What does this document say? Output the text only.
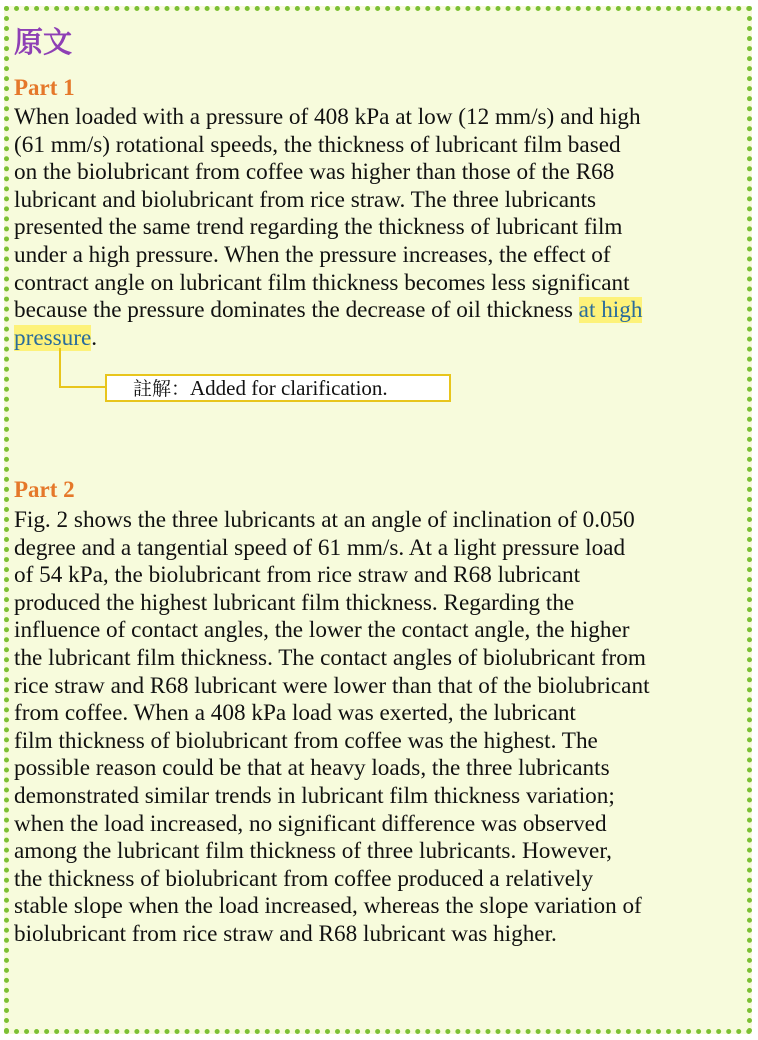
原文
Part 1
When loaded with a pressure of 408 kPa at low (12 mm/s) and high
(61 mm/s) rotational speeds, the thickness of lubricant film based
on the biolubricant from coffee was higher than those of the R68
lubricant and biolubricant from rice straw. The three lubricants
presented the same trend regarding the thickness of lubricant film
under a high pressure. When the pressure increases, the effect of
contract angle on lubricant film thickness becomes less significant
because the pressure dominates the decrease of oil thickness at high
pressure.
註解：Added for clarification.
Part 2
Fig. 2 shows the three lubricants at an angle of inclination of 0.050
degree and a tangential speed of 61 mm/s. At a light pressure load
of 54 kPa, the biolubricant from rice straw and R68 lubricant
produced the highest lubricant film thickness. Regarding the
influence of contact angles, the lower the contact angle, the higher
the lubricant film thickness. The contact angles of biolubricant from
rice straw and R68 lubricant were lower than that of the biolubricant
from coffee. When a 408 kPa load was exerted, the lubricant
film thickness of biolubricant from coffee was the highest. The
possible reason could be that at heavy loads, the three lubricants
demonstrated similar trends in lubricant film thickness variation;
when the load increased, no significant difference was observed
among the lubricant film thickness of three lubricants. However,
the thickness of biolubricant from coffee produced a relatively
stable slope when the load increased, whereas the slope variation of
biolubricant from rice straw and R68 lubricant was higher.
